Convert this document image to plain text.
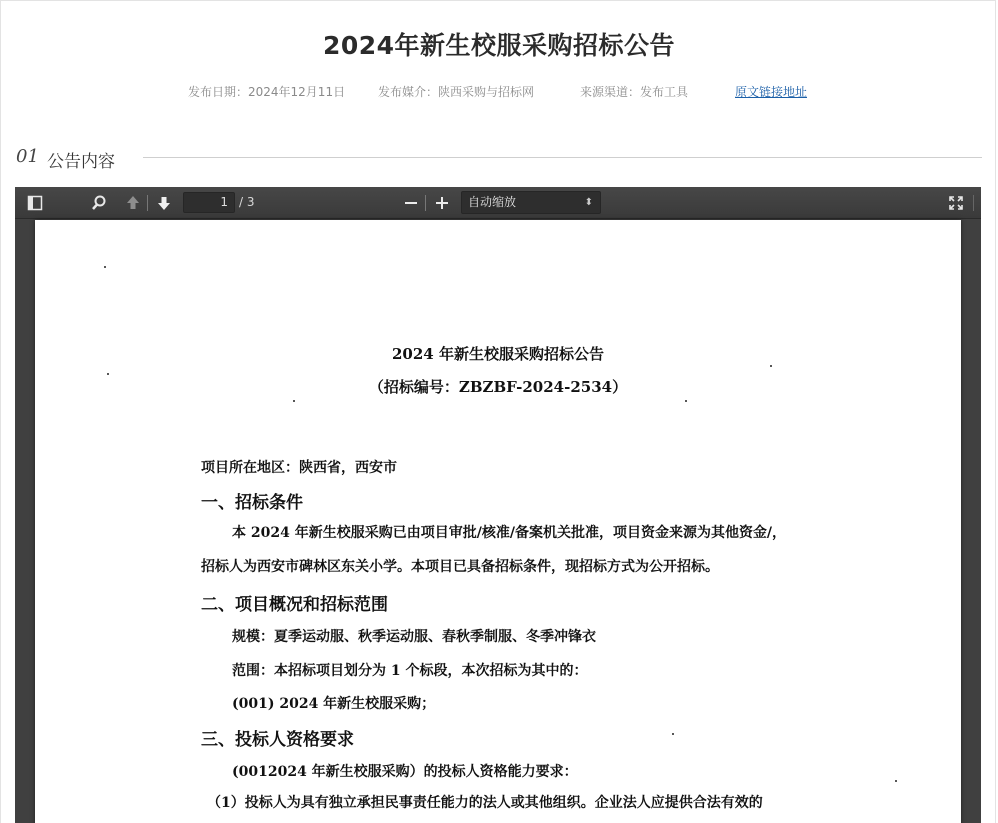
2024年新生校服采购招标公告
发布日期：2024年12月11日	发布媒介：陕西采购与招标网	来源渠道：发布工具	原文链接地址
01 公告内容
1 / 3	自动缩放	⬍
2024 年新生校服采购招标公告
（招标编号：ZBZBF-2024-2534）
项目所在地区：陕西省，西安市
一、招标条件
本 2024 年新生校服采购已由项目审批/核准/备案机关批准，项目资金来源为其他资金/，
招标人为西安市碑林区东关小学。本项目已具备招标条件，现招标方式为公开招标。
二、项目概况和招标范围
规模：夏季运动服、秋季运动服、春秋季制服、冬季冲锋衣
范围：本招标项目划分为 1 个标段，本次招标为其中的：
(001) 2024 年新生校服采购；
三、投标人资格要求
(0012024 年新生校服采购）的投标人资格能力要求：
（1）投标人为具有独立承担民事责任能力的法人或其他组织。企业法人应提供合法有效的
